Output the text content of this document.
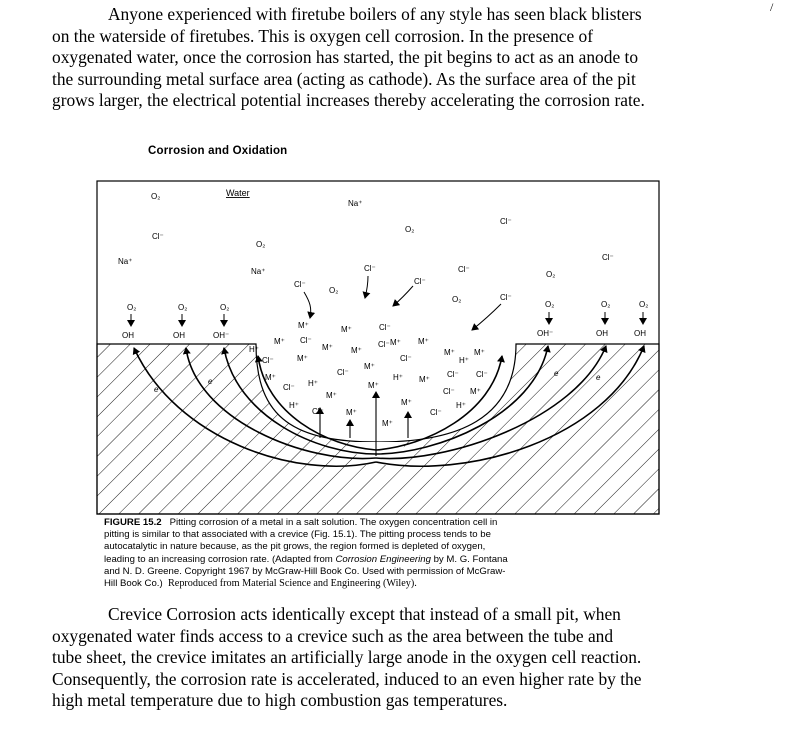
/
Anyone experienced with firetube boilers of any style has seen black blisters
on the waterside of firetubes. This is oxygen cell corrosion. In the presence of
oxygenated water, once the corrosion has started, the pit begins to act as an anode to
the surrounding metal surface area (acting as cathode). As the surface area of the pit
grows larger, the electrical potential increases thereby accelerating the corrosion rate.
Corrosion and Oxidation
Water
O₂
Na⁺
O₂
Cl⁻
Cl⁻
O₂
Na⁺	Cl⁻
Na⁺	Cl⁻	Cl⁻
O₂
Cl⁻
O₂
Cl⁻
O₂	Cl⁻
O₂	O₂	O₂	O₂	O₂	O₂
OH	OH	OH⁻	OH⁻	OH	OH
M⁺	M⁺	Cl⁻
M⁺ Cl⁻
M⁺
M⁺ M⁺
H⁺	M⁺
Cl⁻
M⁺ M⁺
Cl⁻	M⁺	Cl⁻	H⁺
M⁺
Cl⁻
H⁺	Cl⁻ Cl⁻
M⁺	M⁺
Cl⁻ H⁺	M⁺
Cl⁻ M⁺
M⁺
H⁺	M⁺	H⁺
Cl⁻	M⁺	Cl⁻
M⁺
e
e
e	e
FIGURE 15.2 Pitting corrosion of a metal in a salt solution. The oxygen concentration cell in
pitting is similar to that associated with a crevice (Fig. 15.1). The pitting process tends to be
autocatalytic in nature because, as the pit grows, the region formed is depleted of oxygen,
leading to an increasing corrosion rate. (Adapted from Corrosion Engineering by M. G. Fontana
and N. D. Greene. Copyright 1967 by McGraw-Hill Book Co. Used with permission of McGraw-
Hill Book Co.) Reproduced from Material Science and Engineering (Wiley).
Crevice Corrosion acts identically except that instead of a small pit, when
oxygenated water finds access to a crevice such as the area between the tube and
tube sheet, the crevice imitates an artificially large anode in the oxygen cell reaction.
Consequently, the corrosion rate is accelerated, induced to an even higher rate by the
high metal temperature due to high combustion gas temperatures.
